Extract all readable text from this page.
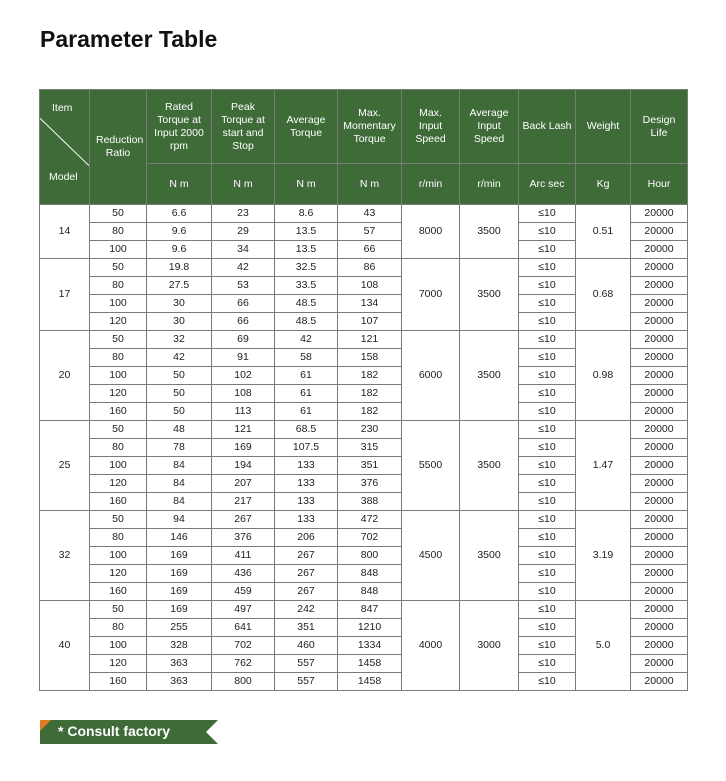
Parameter Table
Item
Model	Reduction Ratio	Rated Torque at Input 2000 rpm	Peak Torque at start and Stop	Average Torque	Max. Momentary Torque	Max. Input Speed	Average Input Speed	Back Lash	Weight	Design Life
		N m	N m	N m	N m	r/min	r/min	Arc sec	Kg	Hour
14	50	6.6	23	8.6	43	8000	3500	≤10	0.51	20000
	80	9.6	29	13.5	57			≤10		20000
	100	9.6	34	13.5	66			≤10		20000
17	50	19.8	42	32.5	86	7000	3500	≤10	0.68	20000
	80	27.5	53	33.5	108			≤10		20000
	100	30	66	48.5	134			≤10		20000
	120	30	66	48.5	107			≤10		20000
20	50	32	69	42	121	6000	3500	≤10	0.98	20000
	80	42	91	58	158			≤10		20000
	100	50	102	61	182			≤10		20000
	120	50	108	61	182			≤10		20000
	160	50	113	61	182			≤10		20000
25	50	48	121	68.5	230	5500	3500	≤10	1.47	20000
	80	78	169	107.5	315			≤10		20000
	100	84	194	133	351			≤10		20000
	120	84	207	133	376			≤10		20000
	160	84	217	133	388			≤10		20000
32	50	94	267	133	472	4500	3500	≤10	3.19	20000
	80	146	376	206	702			≤10		20000
	100	169	411	267	800			≤10		20000
	120	169	436	267	848			≤10		20000
	160	169	459	267	848			≤10		20000
40	50	169	497	242	847	4000	3000	≤10	5.0	20000
	80	255	641	351	1210			≤10		20000
	100	328	702	460	1334			≤10		20000
	120	363	762	557	1458			≤10		20000
	160	363	800	557	1458			≤10		20000
* Consult factory
